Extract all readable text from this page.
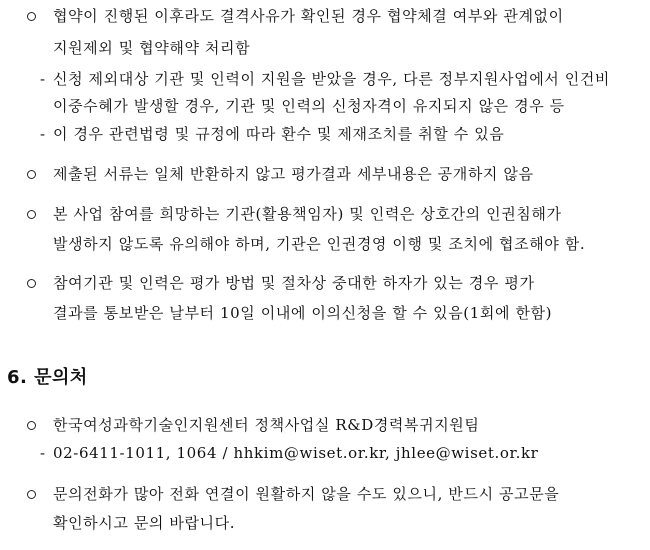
협약이 진행된 이후라도 결격사유가 확인된 경우 협약체결 여부와 관계없이
지원제외 및 협약해약 처리함
- 신청 제외대상 기관 및 인력이 지원을 받았을 경우, 다른 정부지원사업에서 인건비
이중수혜가 발생할 경우, 기관 및 인력의 신청자격이 유지되지 않은 경우 등
- 이 경우 관련법령 및 규정에 따라 환수 및 제재조치를 취할 수 있음
제출된 서류는 일체 반환하지 않고 평가결과 세부내용은 공개하지 않음
본 사업 참여를 희망하는 기관(활용책임자) 및 인력은 상호간의 인권침해가
발생하지 않도록 유의해야 하며, 기관은 인권경영 이행 및 조치에 협조해야 함.
참여기관 및 인력은 평가 방법 및 절차상 중대한 하자가 있는 경우 평가
결과를 통보받은 날부터 10일 이내에 이의신청을 할 수 있음(1회에 한함)
6. 문의처
한국여성과학기술인지원센터 정책사업실 R&D경력복귀지원팀
- 02-6411-1011, 1064 / hhkim@wiset.or.kr, jhlee@wiset.or.kr
문의전화가 많아 전화 연결이 원활하지 않을 수도 있으니, 반드시 공고문을
확인하시고 문의 바랍니다.
